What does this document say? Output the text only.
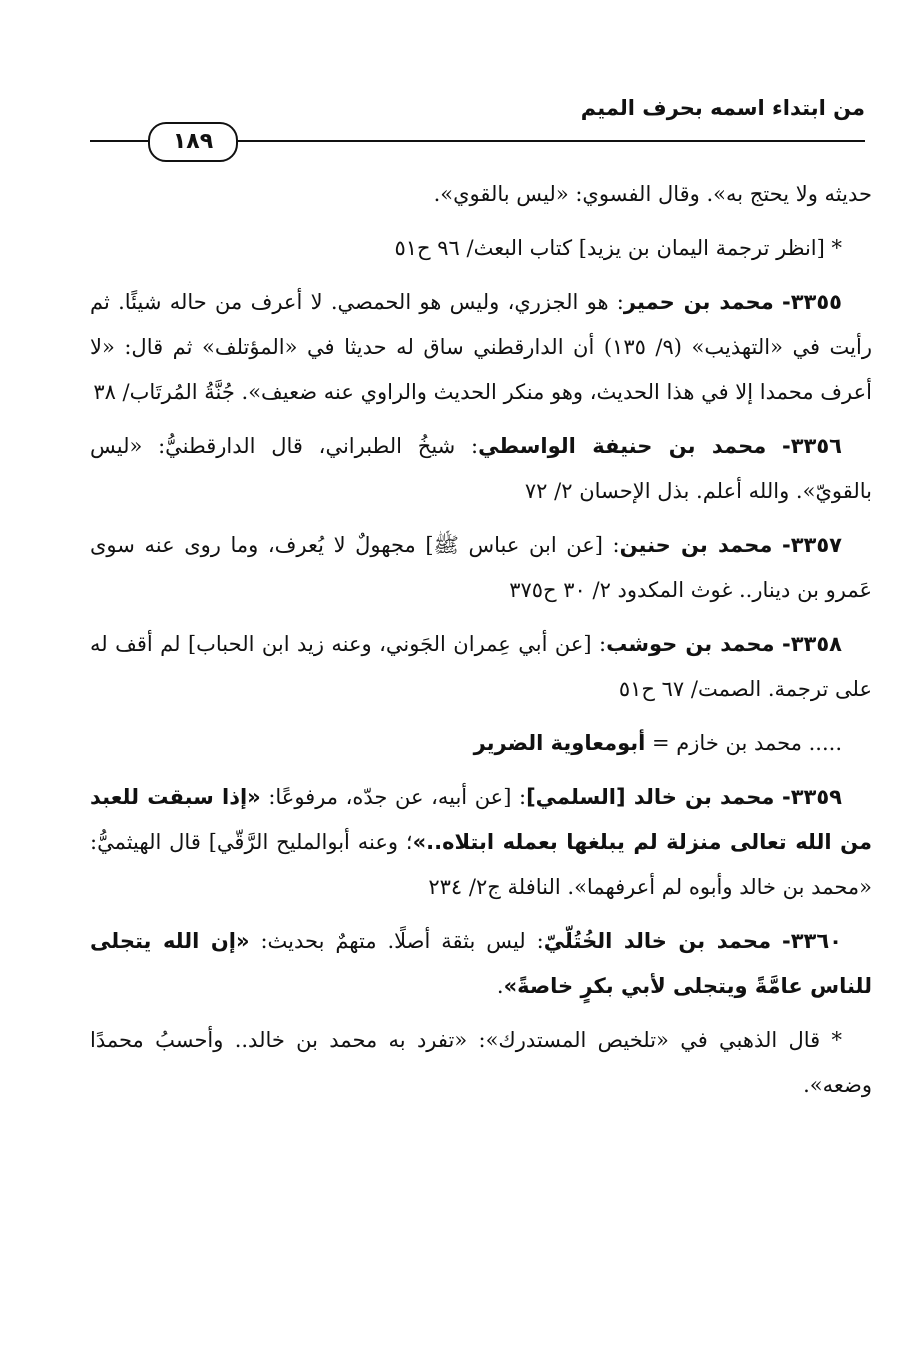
من ابتداء اسمه بحرف الميم
١٨٩

حديثه ولا يحتج به». وقال الفسوي: «ليس بالقوي».

* [انظر ترجمة اليمان بن يزيد] كتاب البعث/ ٩٦ ح٥١

٣٣٥٥- محمد بن حمير: هو الجزري، وليس هو الحمصي. لا أعرف من حاله شيئًا. ثم رأيت في «التهذيب» (٩/ ١٣٥) أن الدارقطني ساق له حديثا في «المؤتلف» ثم قال: «لا أعرف محمدا إلا في هذا الحديث، وهو منكر الحديث والراوي عنه ضعيف». جُنَّةُ المُرتَاب/ ٣٨

٣٣٥٦- محمد بن حنيفة الواسطي: شيخُ الطبراني، قال الدارقطنيُّ: «ليس بالقويّ». والله أعلم. بذل الإحسان ٢/ ٧٢

٣٣٥٧- محمد بن حنين: [عن ابن عباس ﷺ] مجهولٌ لا يُعرف، وما روى عنه سوى عَمرو بن دينار.. غوث المكدود ٢/ ٣٠ ح٣٧٥

٣٣٥٨- محمد بن حوشب: [عن أبي عِمران الجَوني، وعنه زيد ابن الحباب] لم أقف له على ترجمة. الصمت/ ٦٧ ح٥١

..... محمد بن خازم = أبومعاوية الضرير

٣٣٥٩- محمد بن خالد [السلمي]: [عن أبيه، عن جدّه، مرفوعًا: «إذا سبقت للعبد من الله تعالى منزلة لم يبلغها بعمله ابتلاه..»؛ وعنه أبوالمليح الرَّقّي] قال الهيثميُّ: «محمد بن خالد وأبوه لم أعرفهما». النافلة ج٢/ ٢٣٤

٣٣٦٠- محمد بن خالد الخُتُلّيّ: ليس بثقة أصلًا. متهمٌ بحديث: «إن الله يتجلى للناس عامَّةً ويتجلى لأبي بكرٍ خاصةً».

* قال الذهبي في «تلخيص المستدرك»: «تفرد به محمد بن خالد.. وأحسبُ محمدًا وضعه».
